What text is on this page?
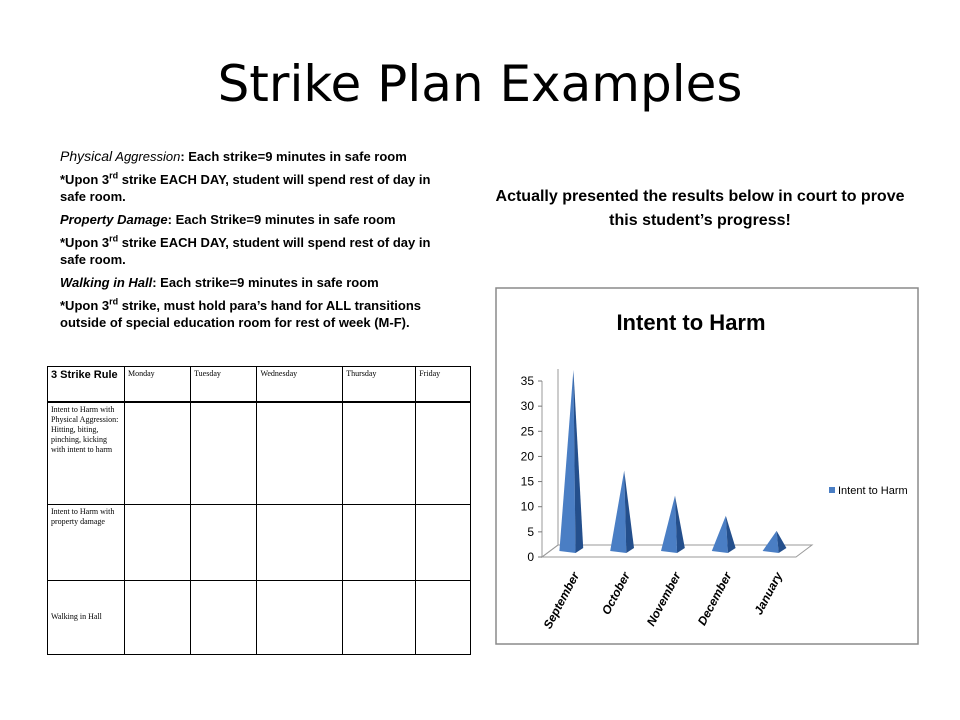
Strike Plan Examples

Physical Aggression: Each strike=9 minutes in safe room

*Upon 3rd strike EACH DAY, student will spend rest of day in safe room.

Property Damage: Each Strike=9 minutes in safe room

*Upon 3rd strike EACH DAY, student will spend rest of day in safe room.

Walking in Hall: Each strike=9 minutes in safe room

*Upon 3rd strike, must hold para’s hand for ALL transitions outside of special education room for rest of week (M-F).

Actually presented the results below in court to prove this student’s progress!
3 Strike Rule	Monday	Tuesday	Wednesday	Thursday	Friday
Intent to Harm with Physical Aggression: Hitting, biting, pinching, kicking with intent to harm					
Intent to Harm with property damage					
Walking in Hall					
Intent to Harm
0
5
10
15
20
25
30
35
September October November December January
Intent to Harm
